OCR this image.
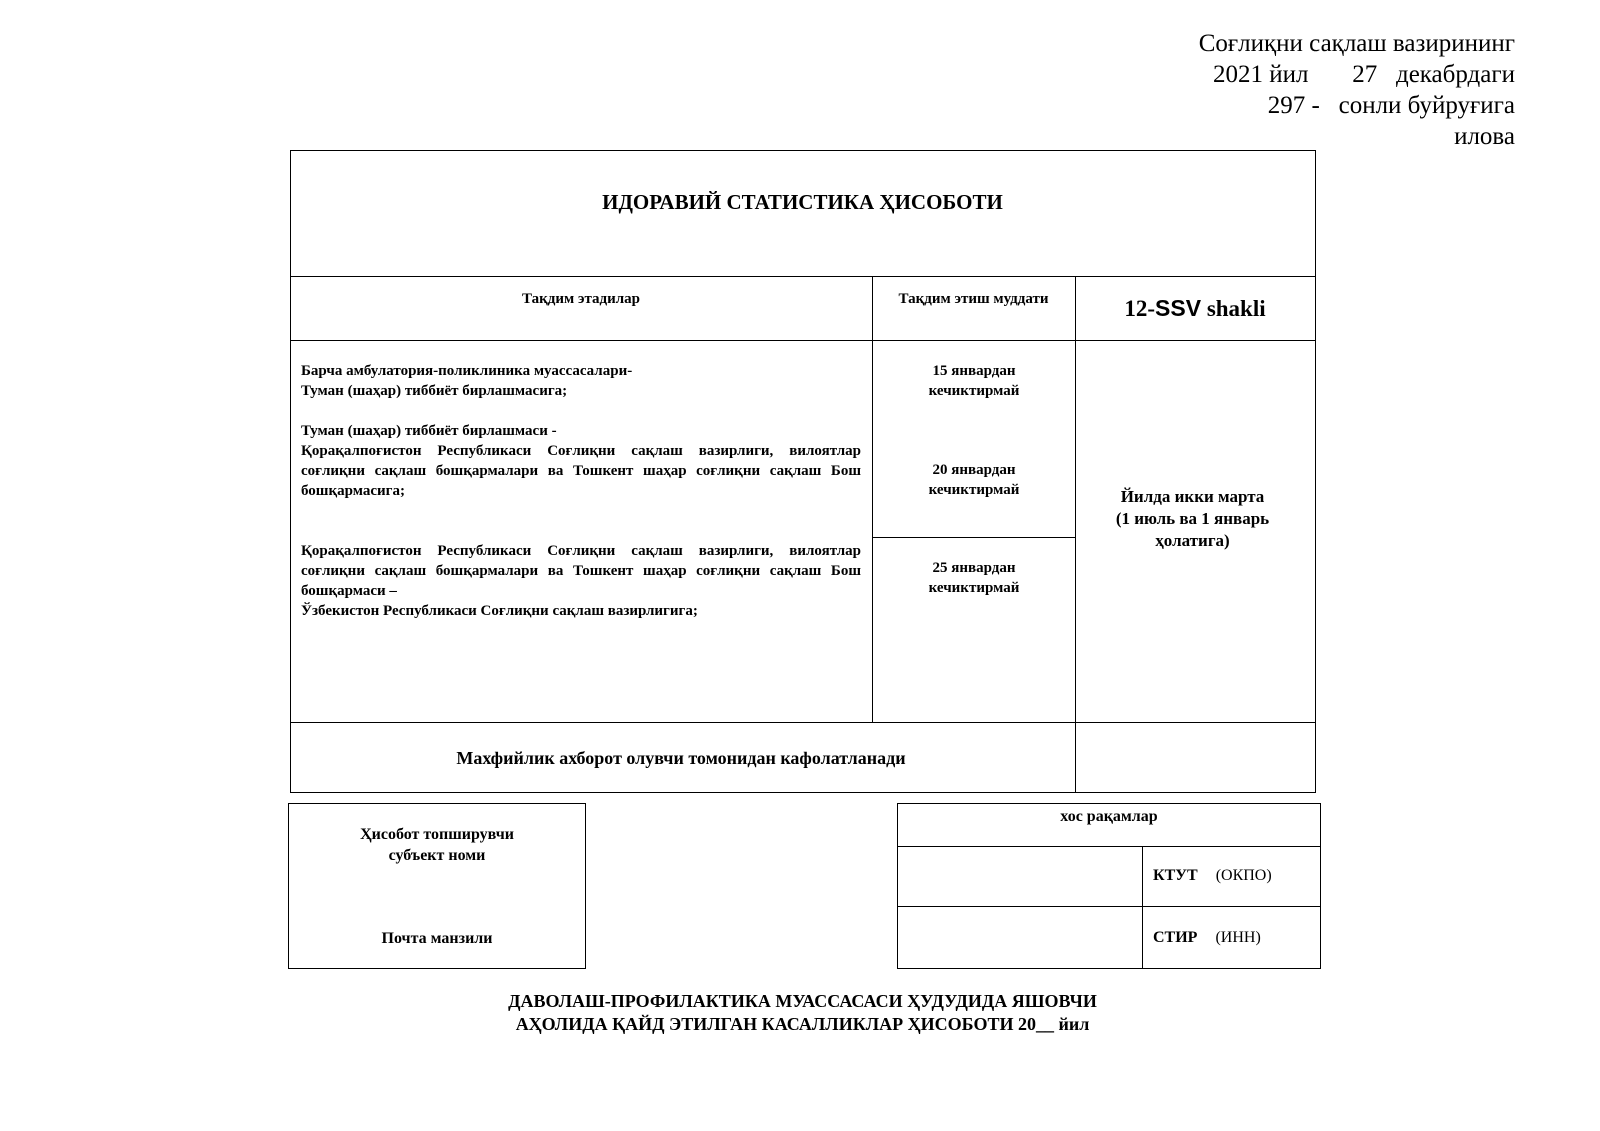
Соғлиқни сақлаш вазирининг
2021 йил       27   декабрдаги
297 -   сонли буйруғига
илова
ИДОРАВИЙ СТАТИСТИКА ҲИСОБОТИ
Тақдим этадилар	Тақдим этиш муддати	12-SSV shakli

Барча амбулатория-поликлиника муассасалари-

Туман (шаҳар) тиббиёт бирлашмасига;

Туман (шаҳар) тиббиёт бирлашмаси -

Қорақалпоғистон Республикаси Соғлиқни сақлаш вазирлиги, вилоятлар соғлиқни сақлаш бошқармалари ва Тошкент шаҳар соғлиқни сақлаш Бош бошқармасига;

Қорақалпоғистон Республикаси Соғлиқни сақлаш вазирлиги, вилоятлар соғлиқни сақлаш бошқармалари ва Тошкент шаҳар соғлиқни сақлаш Бош бошқармаси –

Ўзбекистон Республикаси Соғлиқни сақлаш вазирлигига;

15 январдан
кечиктирмай
20 январдан
кечиктирмай
25 январдан
кечиктирмай
Йилда икки марта
(1 июль ва 1 январь
ҳолатига)
Махфийлик ахборот олувчи томонидан кафолатланади
Ҳисобот топширувчи
субъект номи
Почта манзили
хос рақамлар
КТУТ (ОКПО)
СТИР (ИНН)
ДАВОЛАШ-ПРОФИЛАКТИКА МУАССАСАСИ ҲУДУДИДА ЯШОВЧИ
АҲОЛИДА ҚАЙД ЭТИЛГАН КАСАЛЛИКЛАР ҲИСОБОТИ 20__ йил
